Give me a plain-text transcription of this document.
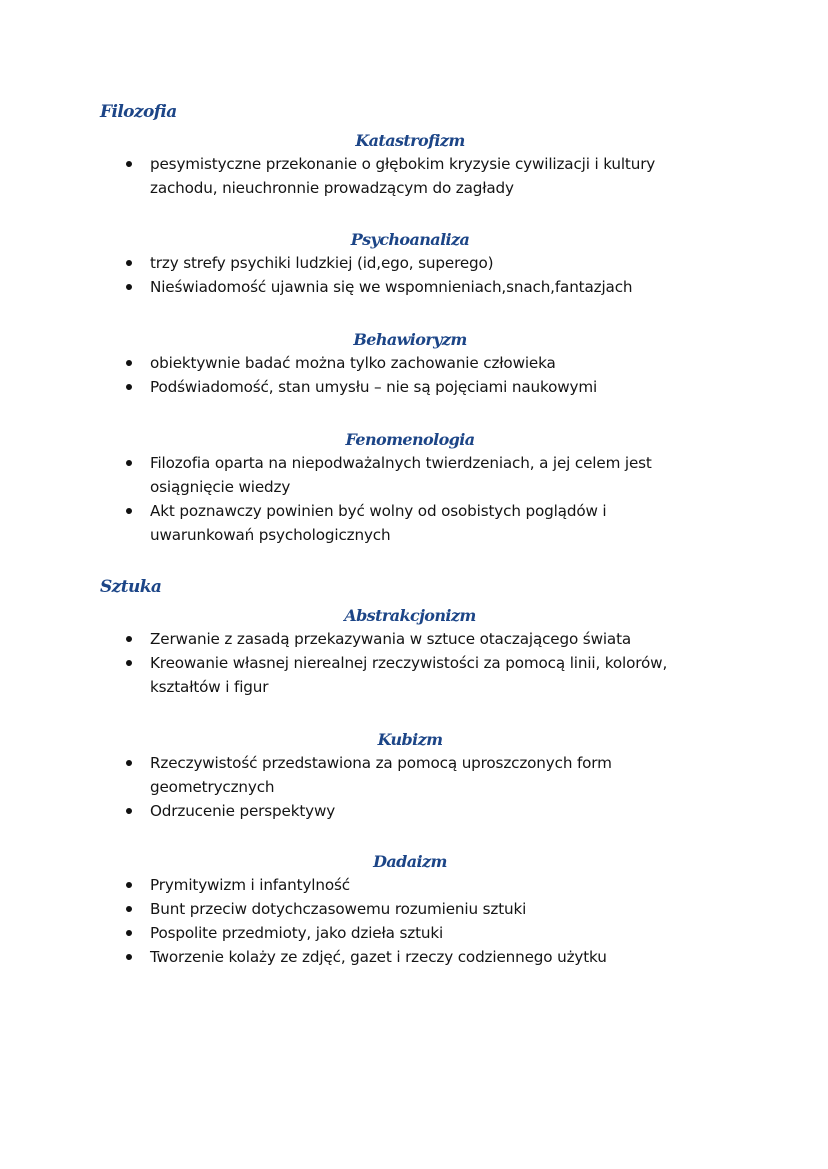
Filozofia
Katastrofizm
pesymistyczne przekonanie o głębokim kryzysie cywilizacji i kultury zachodu, nieuchronnie prowadzącym do zagłady
Psychoanaliza
trzy strefy psychiki ludzkiej (id,ego, superego)
Nieświadomość ujawnia się we wspomnieniach,snach,fantazjach
Behawioryzm
obiektywnie badać można tylko zachowanie człowieka
Podświadomość, stan umysłu – nie są pojęciami naukowymi
Fenomenologia
Filozofia oparta na niepodważalnych twierdzeniach, a jej celem jest osiągnięcie wiedzy
Akt poznawczy powinien być wolny od osobistych poglądów i uwarunkowań psychologicznych
Sztuka
Abstrakcjonizm
Zerwanie z zasadą przekazywania w sztuce otaczającego świata
Kreowanie własnej nierealnej rzeczywistości za pomocą linii, kolorów, kształtów i figur
Kubizm
Rzeczywistość przedstawiona za pomocą uproszczonych form geometrycznych
Odrzucenie perspektywy
Dadaizm
Prymitywizm i infantylność
Bunt przeciw dotychczasowemu rozumieniu sztuki
Pospolite przedmioty, jako dzieła sztuki
Tworzenie kolaży ze zdjęć, gazet i rzeczy codziennego użytku
